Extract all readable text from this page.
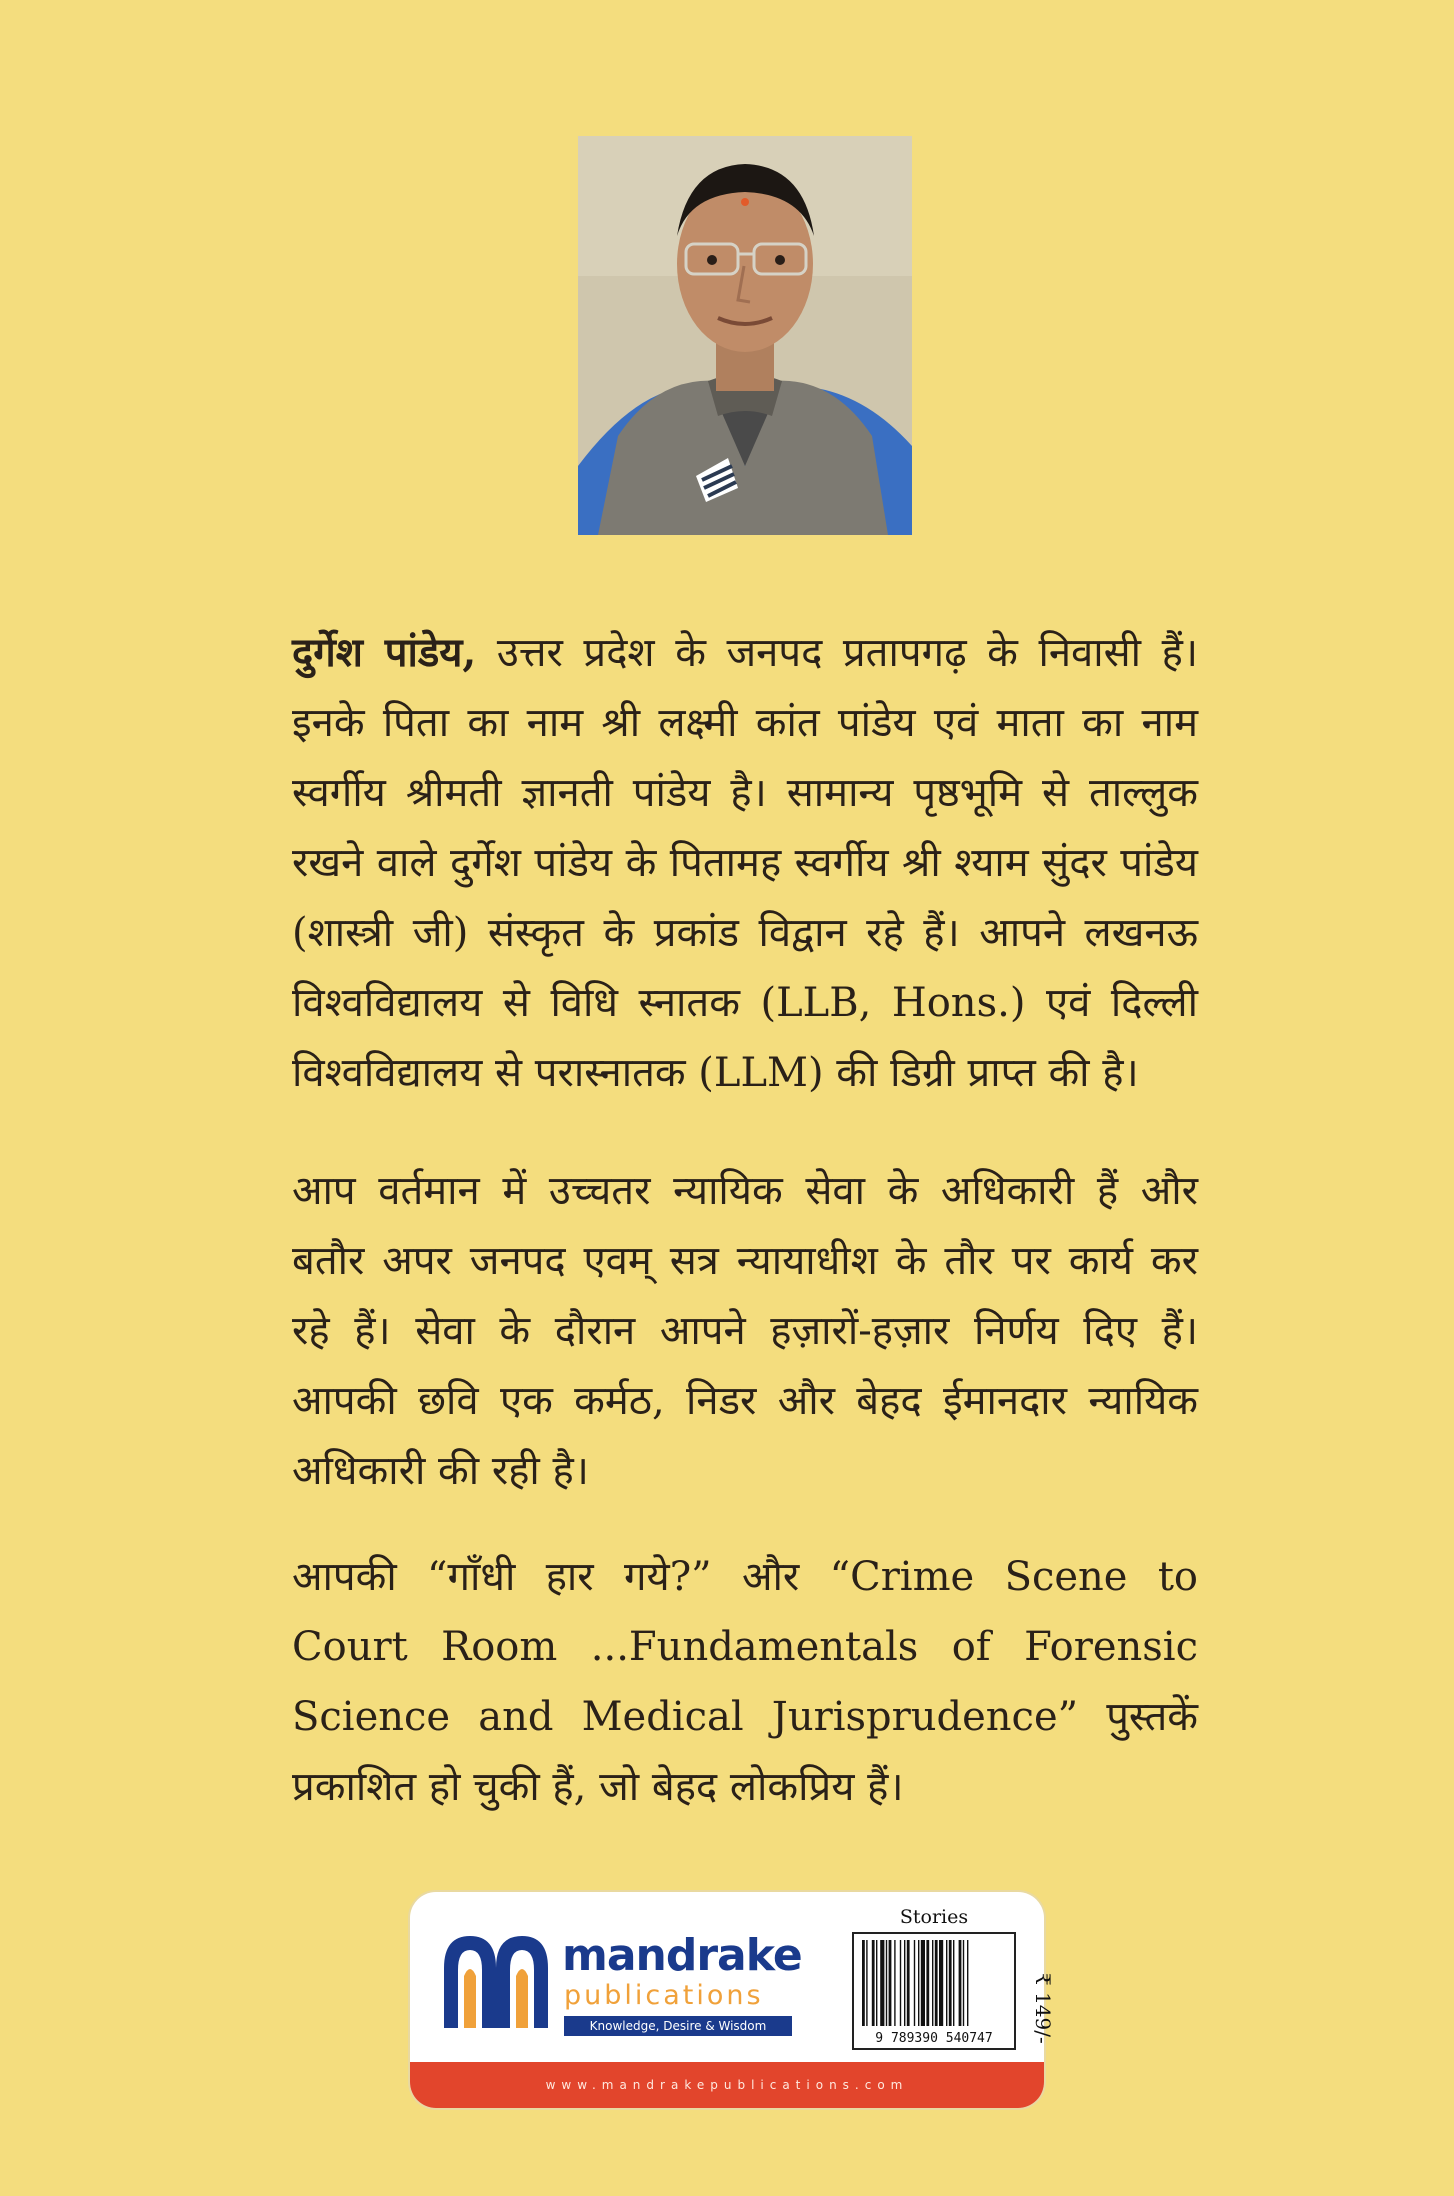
दुर्गेश पांडेय, उत्तर प्रदेश के जनपद प्रतापगढ़ के निवासी हैं।
इनके पिता का नाम श्री लक्ष्मी कांत पांडेय एवं माता का नाम
स्वर्गीय श्रीमती ज्ञानती पांडेय है। सामान्य पृष्ठभूमि से ताल्लुक
रखने वाले दुर्गेश पांडेय के पितामह स्वर्गीय श्री श्याम सुंदर पांडेय
(शास्त्री जी) संस्कृत के प्रकांड विद्वान रहे हैं। आपने लखनऊ
विश्वविद्यालय से विधि स्नातक (LLB, Hons.) एवं दिल्ली
विश्वविद्यालय से परास्नातक (LLM) की डिग्री प्राप्त की है।
आप वर्तमान में उच्चतर न्यायिक सेवा के अधिकारी हैं और
बतौर अपर जनपद एवम् सत्र न्यायाधीश के तौर पर कार्य कर
रहे हैं। सेवा के दौरान आपने हज़ारों-हज़ार निर्णय दिए हैं।
आपकी छवि एक कर्मठ, निडर और बेहद ईमानदार न्यायिक
अधिकारी की रही है।
आपकी “गाँधी हार गये?” और “Crime Scene to
Court Room ...Fundamentals of Forensic
Science and Medical Jurisprudence” पुस्तकें
प्रकाशित हो चुकी हैं, जो बेहद लोकप्रिय हैं।
mandrake
publications
Knowledge, Desire & Wisdom
www.mandrakepublications.com
Stories
9 789390 540747	₹ 149/-
